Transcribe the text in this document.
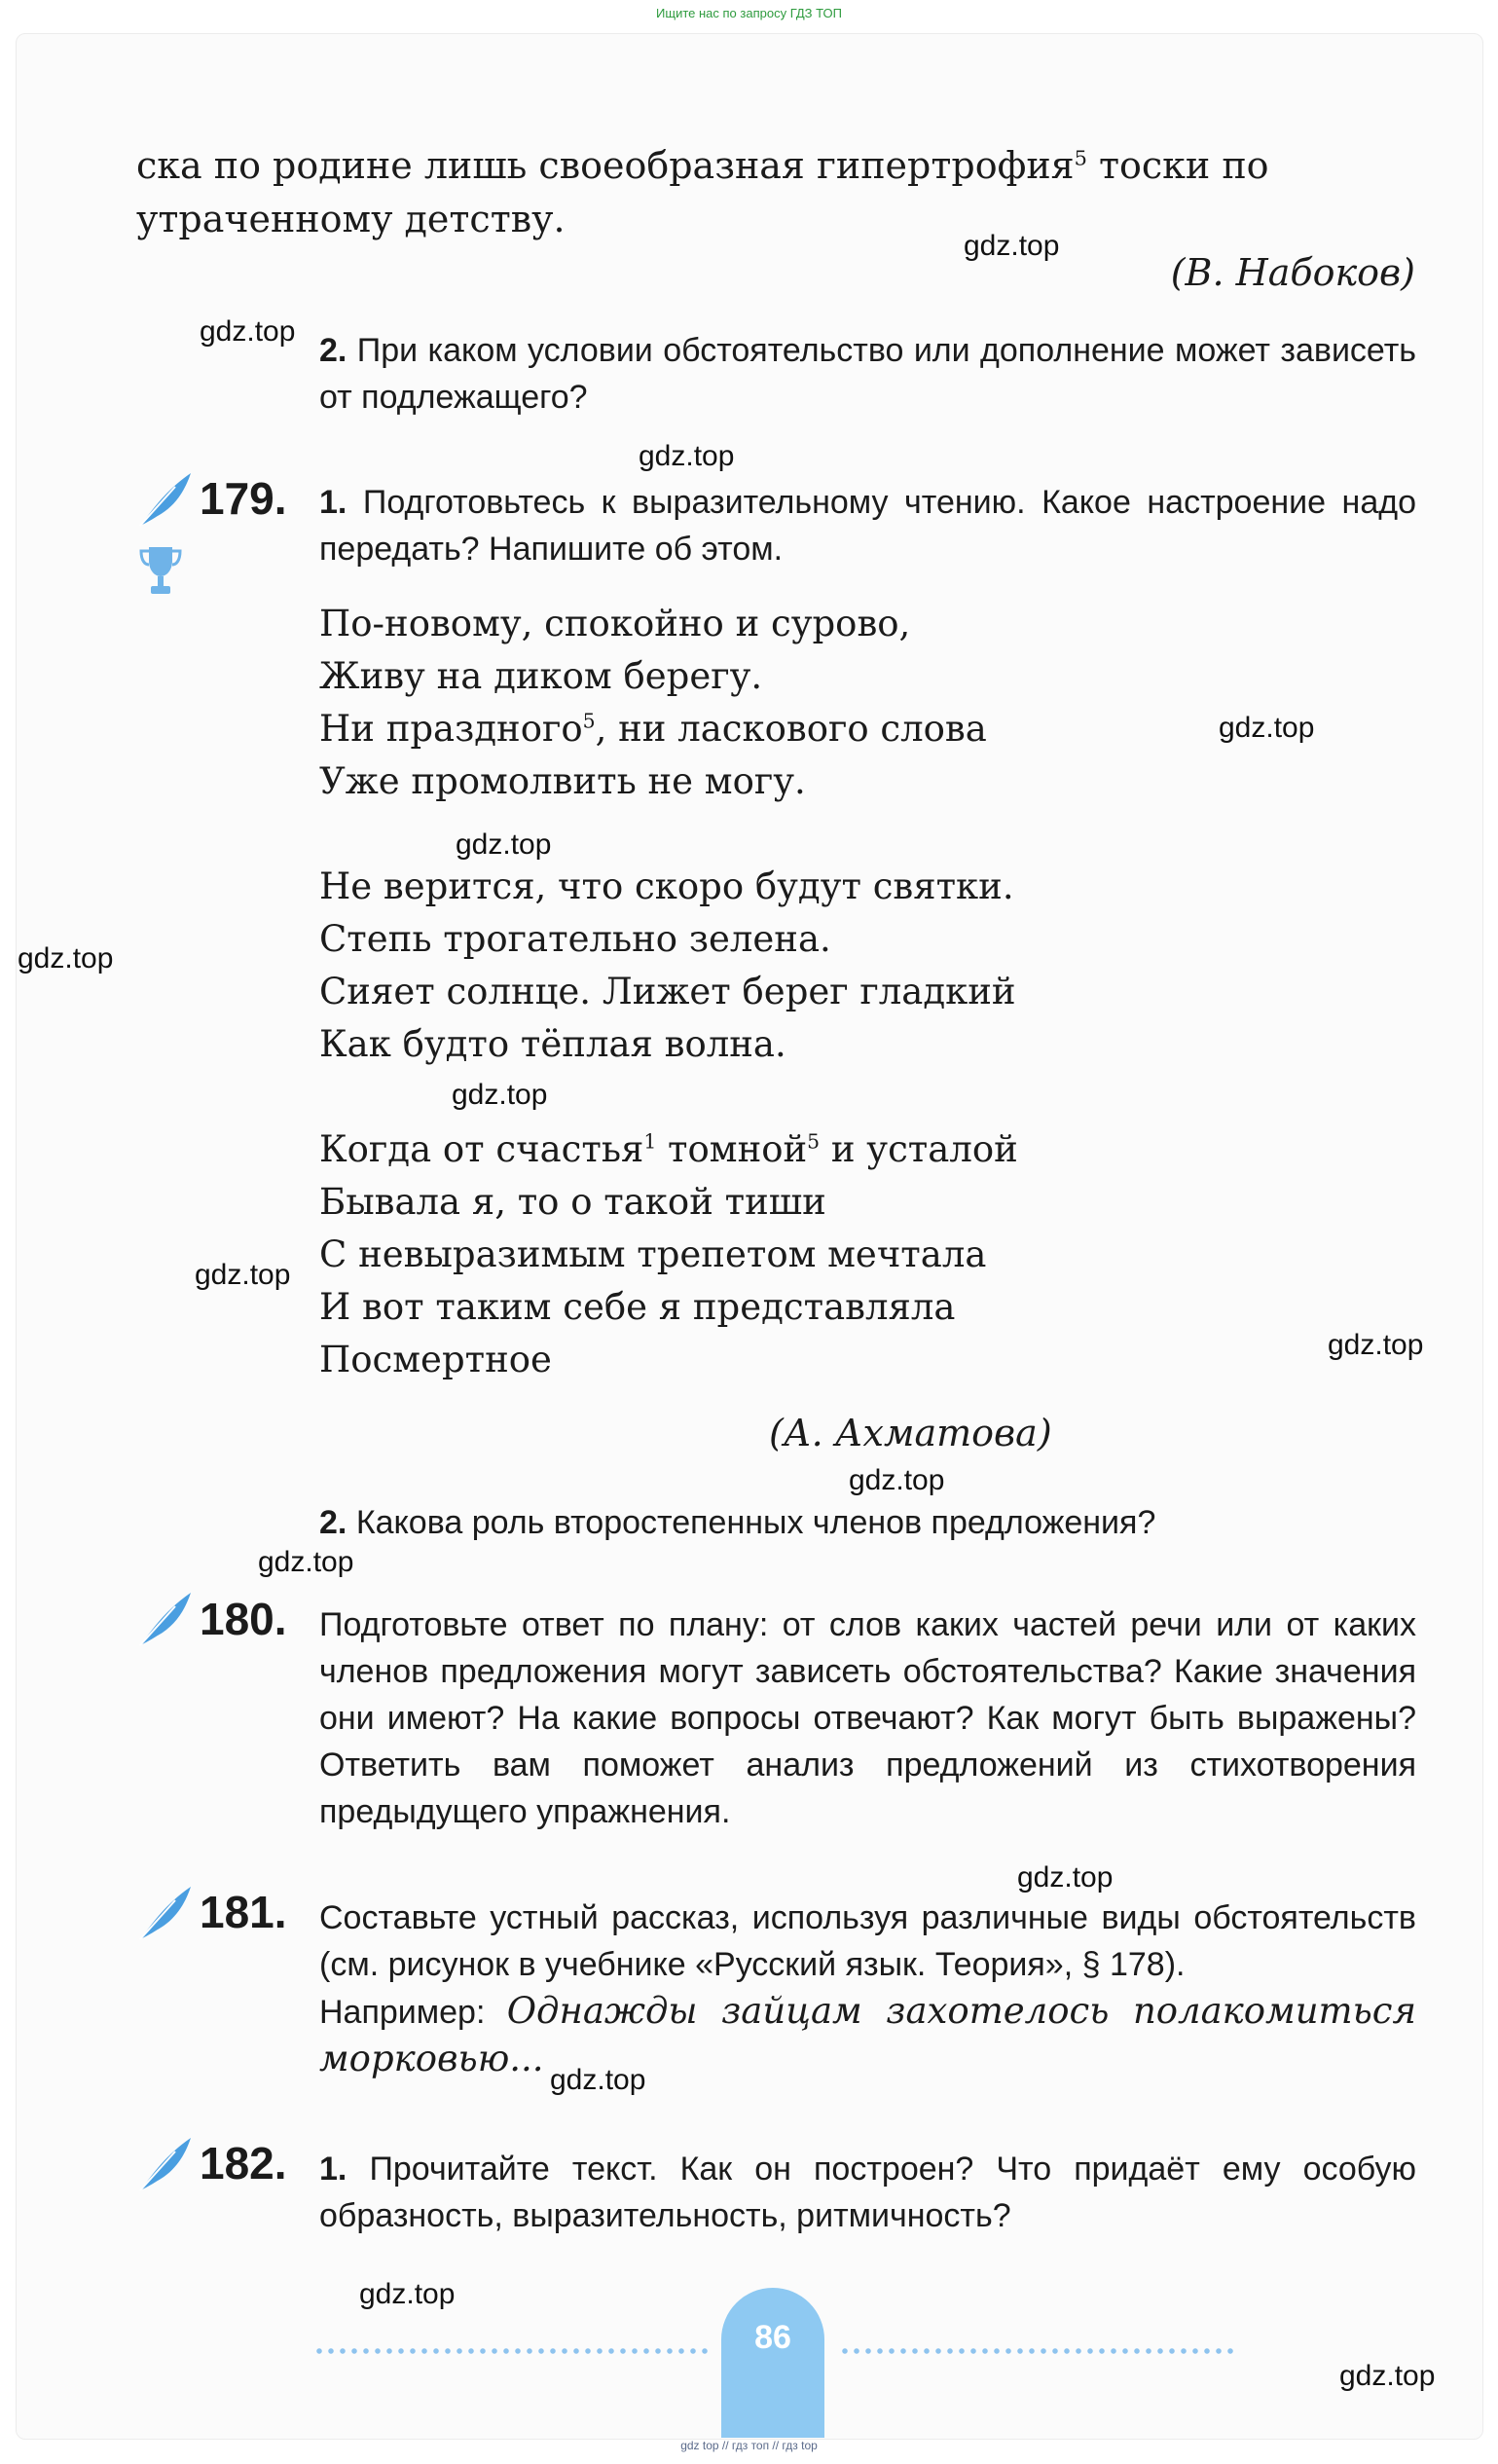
Ищите нас по запросу ГДЗ ТОП
ска по родине лишь своеобразная гипертрофия$^5$ тоски по
утраченному детству.
(В. Набоков)
2. При каком условии обстоятельство или дополнение может зависеть от подлежащего?
179. 1. Подготовьтесь к выразительному чтению. Какое настроение надо передать? Напишите об этом.
По-новому, спокойно и сурово,
Живу на диком берегу.
Ни праздного$^5$, ни ласкового слова
Уже промолвить не могу.
Не верится, что скоро будут святки.
Степь трогательно зелена.
Сияет солнце. Лижет берег гладкий
Как будто тёплая волна.
Когда от счастья$^1$ томной$^5$ и усталой
Бывала я, то о такой тиши
С невыразимым трепетом мечтала
И вот таким себе я представляла
Посмертное
(А. Ахматова)
2. Какова роль второстепенных членов предложения?
180. Подготовьте ответ по плану: от слов каких частей речи или от каких членов предложения могут зависеть обстоятельства? Какие значения они имеют? На какие вопросы отвечают? Как могут быть выражены? Ответить вам поможет анализ предложений из стихотворения предыдущего упражнения.
181. Составьте устный рассказ, используя различные виды обстоятельств (см. рисунок в учебнике «Русский язык. Теория», § 178).
Например: Однажды зайцам захотелось полакомиться морковью...
182. 1. Прочитайте текст. Как он построен? Что придаёт ему особую образность, выразительность, ритмичность?
86
gdz.top
gdz.top
gdz.top
gdz.top
gdz.top
gdz.top
gdz.top
gdz.top
gdz.top
gdz.top
gdz.top
gdz.top
gdz.top
gdz.top
gdz.top
gdz top // гдз топ // гдз top
